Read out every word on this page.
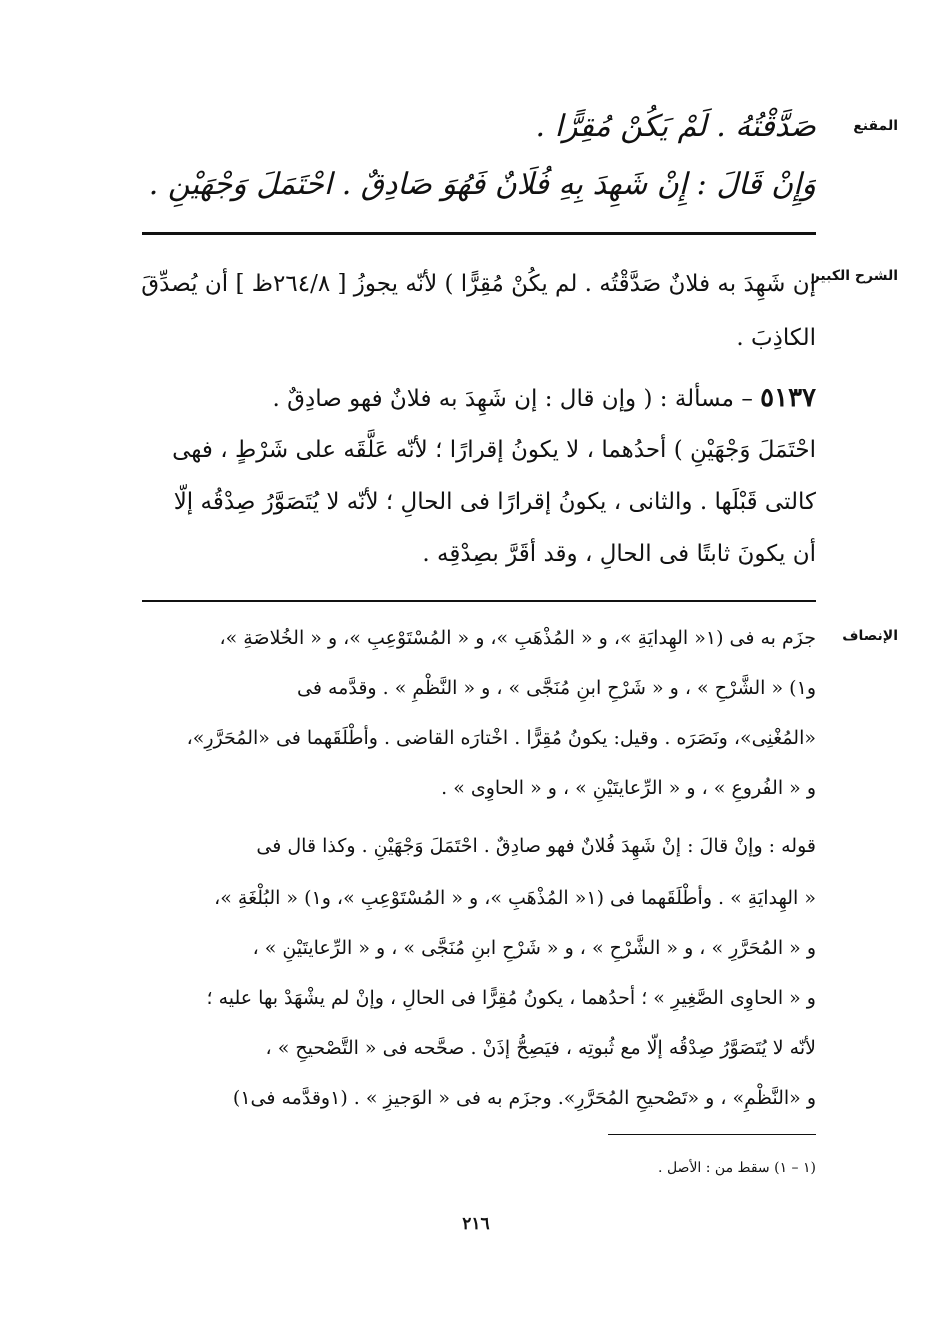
المقنع
صَدَّقْتُهُ . لَمْ يَكُنْ مُقِرًّا .
وَإِنْ قَالَ : إِنْ شَهِدَ بِهِ فُلَانٌ فَهُوَ صَادِقٌ . احْتَمَلَ وَجْهَيْنِ .
الشرح الكبير
إن شَهِدَ به فلانٌ صَدَّقْتُه . لم يكُنْ مُقِرًّا ) لأنّه يجوزُ [ ٢٦٤/٨ظ ] أن يُصدِّقَ
الكاذِبَ .
٥١٣٧ – مسألة : ( وإن قال : إن شَهِدَ به فلانٌ فهو صادِقٌ .
احْتَمَلَ وَجْهَيْنِ ) أحدُهما ، لا يكونُ إقرارًا ؛ لأنّه عَلَّقَه على شَرْطٍ ، فهى
كالتى قَبْلَها . والثانى ، يكونُ إقرارًا فى الحالِ ؛ لأنّه لا يُتَصَوَّرُ صِدْقُه إلّا
أن يكونَ ثابتًا فى الحالِ ، وقد أقَرَّ بصِدْقِه .
الإنصاف
جزَم به فى (١« الهِدايَةِ »، و « المُذْهَبِ »، و « المُسْتَوْعِبِ »، و « الخُلاصَةِ »،
و١) « الشَّرْحِ » ، و « شَرْحِ ابنِ مُنَجَّى » ، و « النَّظْمِ » . وقدَّمه فى
«المُغْنِى»، ونَصَرَه . وقيل: يكونُ مُقِرًّا . اخْتارَه القاضى . وأطْلَقَهما فى «المُحَرَّرِ»،
و « الفُروعِ » ، و « الرِّعايتَيْنِ » ، و « الحاوِى » .
قوله : وإنْ قالَ : إنْ شَهِدَ فُلانٌ فهو صادِقٌ . احْتَمَلَ وَجْهَيْنِ . وكذا قال فى
« الهِدايَةِ » . وأطْلَقَهما فى (١« المُذْهَبِ »، و « المُسْتَوْعِبِ »، و١) « البُلْغَةِ »،
و « المُحَرَّرِ » ، و « الشَّرْحِ » ، و « شَرْحِ ابنِ مُنَجَّى » ، و « الرِّعايتَيْنِ » ،
و « الحاوِى الصَّغِيرِ » ؛ أحدُهما ، يكونُ مُقِرًّا فى الحالِ ، وإنْ لم يشْهَدْ بها عليه ؛
لأنّه لا يُتَصَوَّرُ صِدْقُه إلّا مع ثُبوتِه ، فيَصِحُّ إذَنْ . صحَّحه فى « التَّصْحيحِ » ،
و «النَّظْمِ» ، و «تَصْحيحِ المُحَرَّرِ». وجزَم به فى « الوَجيزِ » . (١وقدَّمه فى١)
(١ – ١) سقط من : الأصل .
٢١٦
